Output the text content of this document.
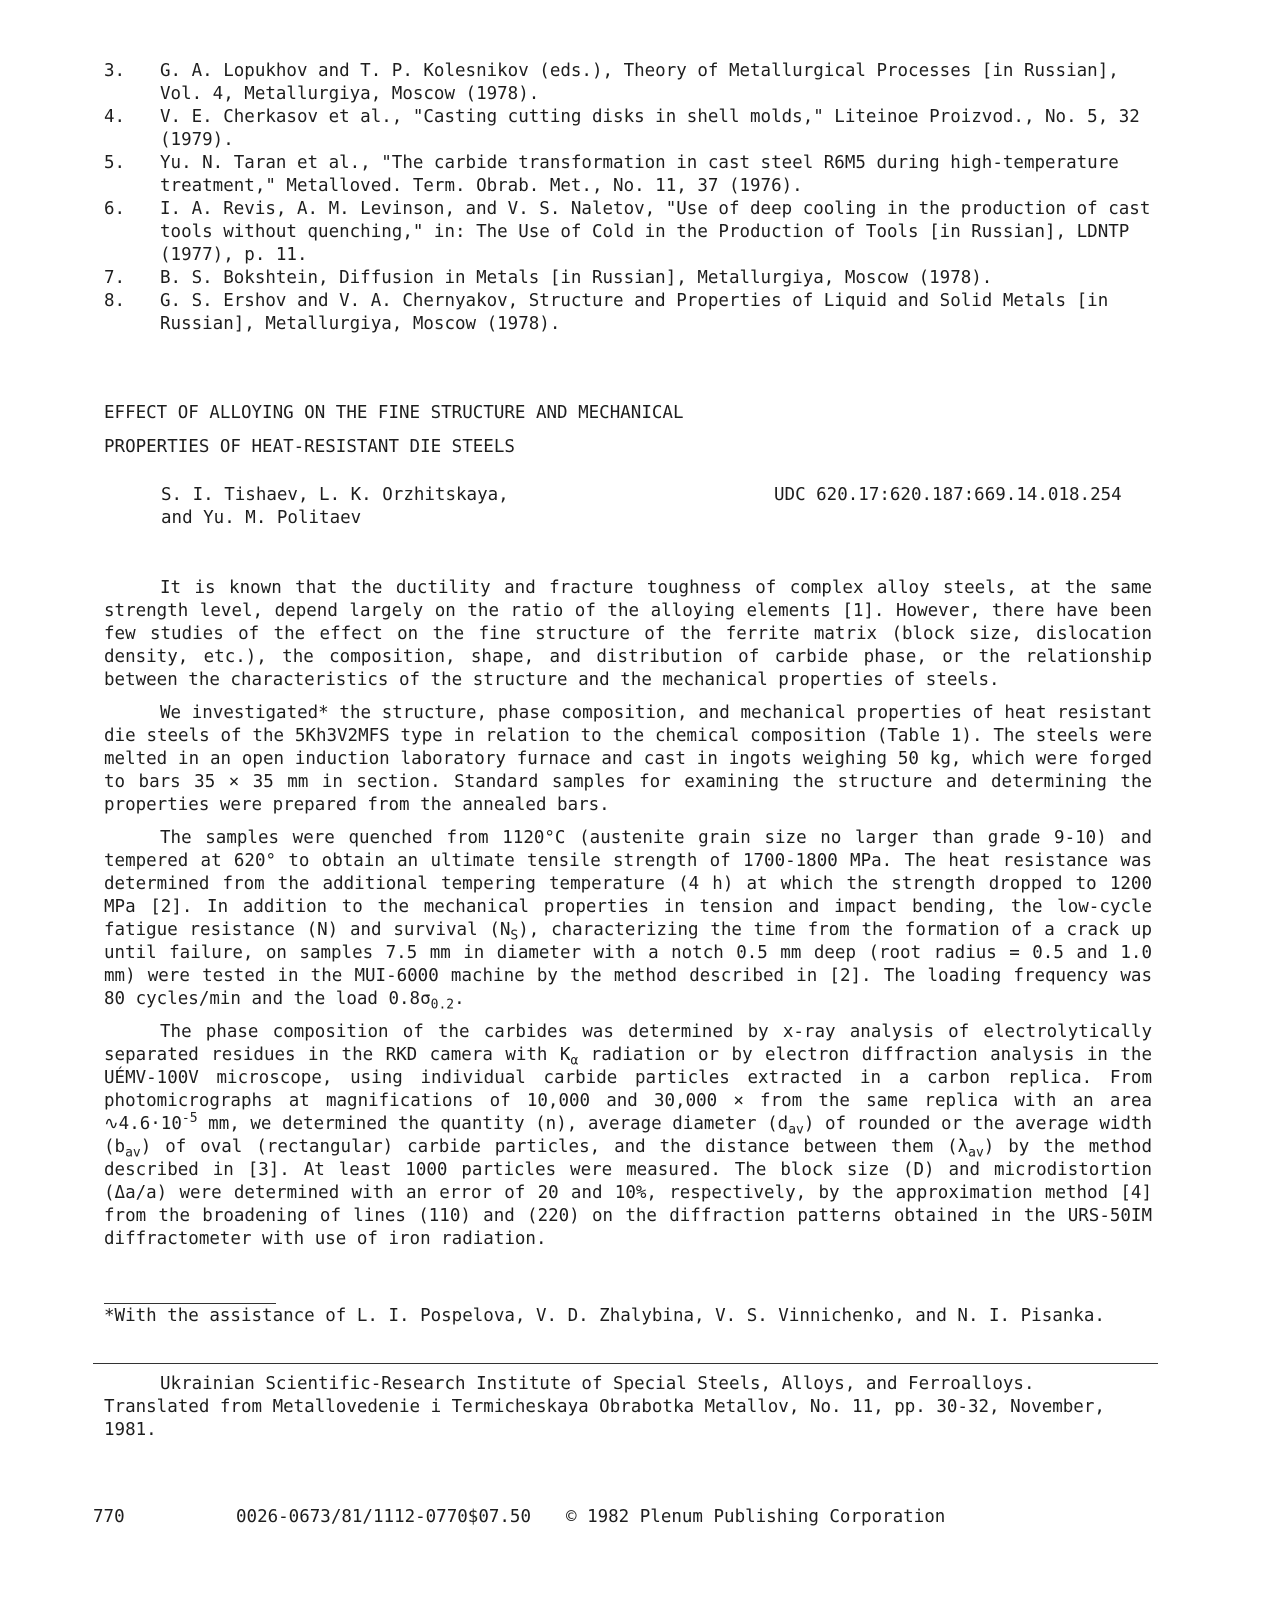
3.	G. A. Lopukhov and T. P. Kolesnikov (eds.), Theory of Metallurgical Processes [in Russian], Vol. 4, Metallurgiya, Moscow (1978).
4.	V. E. Cherkasov et al., "Casting cutting disks in shell molds," Liteinoe Proizvod., No. 5, 32 (1979).
5.	Yu. N. Taran et al., "The carbide transformation in cast steel R6M5 during high-temperature treatment," Metalloved. Term. Obrab. Met., No. 11, 37 (1976).
6.	I. A. Revis, A. M. Levinson, and V. S. Naletov, "Use of deep cooling in the production of cast tools without quenching," in: The Use of Cold in the Production of Tools [in Russian], LDNTP (1977), p. 11.
7.	B. S. Bokshtein, Diffusion in Metals [in Russian], Metallurgiya, Moscow (1978).
8.	G. S. Ershov and V. A. Chernyakov, Structure and Properties of Liquid and Solid Metals [in Russian], Metallurgiya, Moscow (1978).
EFFECT OF ALLOYING ON THE FINE STRUCTURE AND MECHANICAL
PROPERTIES OF HEAT-RESISTANT DIE STEELS
S. I. Tishaev, L. K. Orzhitskaya,
and Yu. M. Politaev
UDC 620.17:620.187:669.14.018.254

It is known that the ductility and fracture toughness of complex alloy steels, at the same strength level, depend largely on the ratio of the alloying elements [1]. However, there have been few studies of the effect on the fine structure of the ferrite matrix (block size, dislocation density, etc.), the composition, shape, and distribution of carbide phase, or the relationship between the characteristics of the structure and the mechanical properties of steels.

We investigated* the structure, phase composition, and mechanical properties of heat resistant die steels of the 5Kh3V2MFS type in relation to the chemical composition (Table 1). The steels were melted in an open induction laboratory furnace and cast in ingots weighing 50 kg, which were forged to bars 35 × 35 mm in section. Standard samples for examining the structure and determining the properties were prepared from the annealed bars.

The samples were quenched from 1120°C (austenite grain size no larger than grade 9-10) and tempered at 620° to obtain an ultimate tensile strength of 1700-1800 MPa. The heat resistance was determined from the additional tempering temperature (4 h) at which the strength dropped to 1200 MPa [2]. In addition to the mechanical properties in tension and impact bending, the low-cycle fatigue resistance (N) and survival $(N_S)$, characterizing the time from the formation of a crack up until failure, on samples 7.5 mm in diameter with a notch 0.5 mm deep (root radius = 0.5 and 1.0 mm) were tested in the MUI-6000 machine by the method described in [2]. The loading frequency was 80 cycles/min and the load $0.8\sigma_{0.2}$.

The phase composition of the carbides was determined by x-ray analysis of electrolytically separated residues in the RKD camera with $K_\alpha$ radiation or by electron diffraction analysis in the UÉMV-100V microscope, using individual carbide particles extracted in a carbon replica. From photomicrographs at magnifications of 10,000 and 30,000 × from the same replica with an area $∿4.6\cdot 10^{-5}$ mm, we determined the quantity (n), average diameter $(d_{av})$ of rounded or the average width $(b_{av})$ of oval (rectangular) carbide particles, and the distance between them $(\lambda_{av})$ by the method described in [3]. At least 1000 particles were measured. The block size (D) and microdistortion (Δa/a) were determined with an error of 20 and 10%, respectively, by the approximation method [4] from the broadening of lines (110) and (220) on the diffraction patterns obtained in the URS-50IM diffractometer with use of iron radiation.

*With the assistance of L. I. Pospelova, V. D. Zhalybina, V. S. Vinnichenko, and N. I. Pisanka.
Ukrainian Scientific-Research Institute of Special Steels, Alloys, and Ferroalloys.
Translated from Metallovedenie i Termicheskaya Obrabotka Metallov, No. 11, pp. 30-32, November, 1981.
770	0026-0673/81/1112-0770$07.50 © 1982 Plenum Publishing Corporation
